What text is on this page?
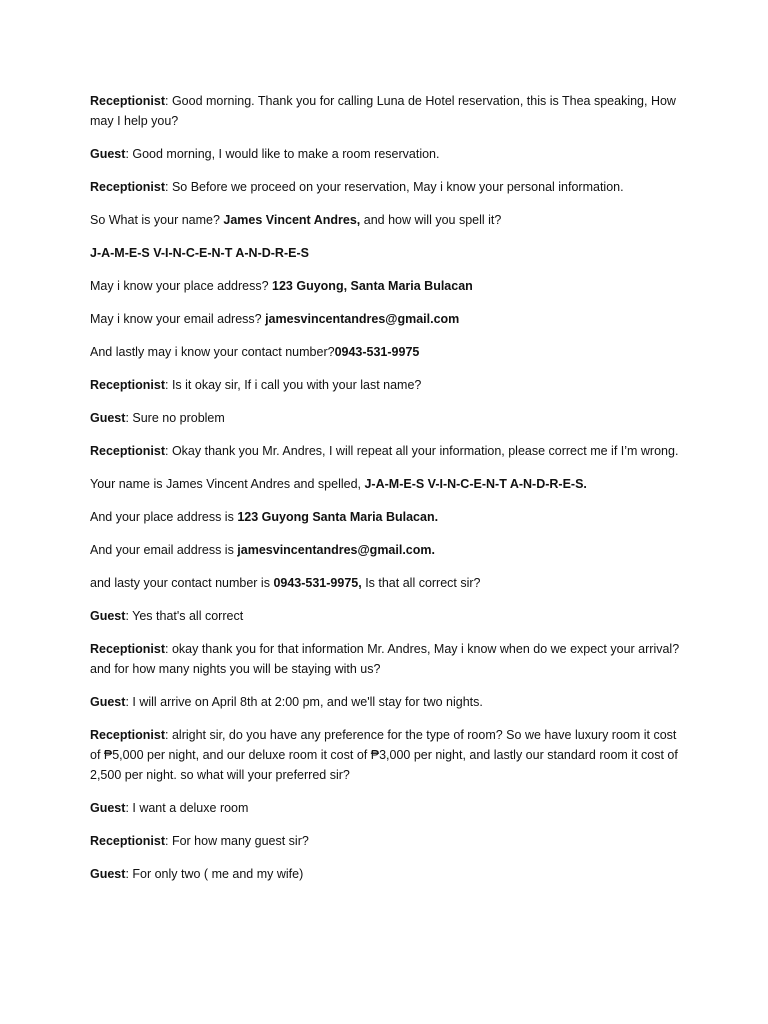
Receptionist: Good morning. Thank you for calling Luna de Hotel reservation, this is Thea speaking, How may I help you?

Guest: Good morning, I would like to make a room reservation.

Receptionist: So Before we proceed on your reservation, May i know your personal information.

So What is your name? James Vincent Andres, and how will you spell it?

J-A-M-E-S V-I-N-C-E-N-T A-N-D-R-E-S

May i know your place address? 123 Guyong, Santa Maria Bulacan

May i know your email adress? jamesvincentandres@gmail.com

And lastly may i know your contact number?0943-531-9975

Receptionist: Is it okay sir, If i call you with your last name?

Guest: Sure no problem

Receptionist: Okay thank you Mr. Andres, I will repeat all your information, please correct me if I’m wrong.

Your name is James Vincent Andres and spelled, J-A-M-E-S V-I-N-C-E-N-T A-N-D-R-E-S.

And your place address is 123 Guyong Santa Maria Bulacan.

And your email address is jamesvincentandres@gmail.com.

and lasty your contact number is 0943-531-9975, Is that all correct sir?

Guest: Yes that's all correct

Receptionist: okay thank you for that information Mr. Andres, May i know when do we expect your arrival? and for how many nights you will be staying with us?

Guest: I will arrive on April 8th at 2:00 pm, and we'll stay for two nights.

Receptionist: alright sir, do you have any preference for the type of room? So we have luxury room it cost of ₱5,000 per night, and our deluxe room it cost of ₱3,000 per night, and lastly our standard room it cost of 2,500 per night. so what will your preferred sir?

Guest: I want a deluxe room

Receptionist: For how many guest sir?

Guest: For only two ( me and my wife)
